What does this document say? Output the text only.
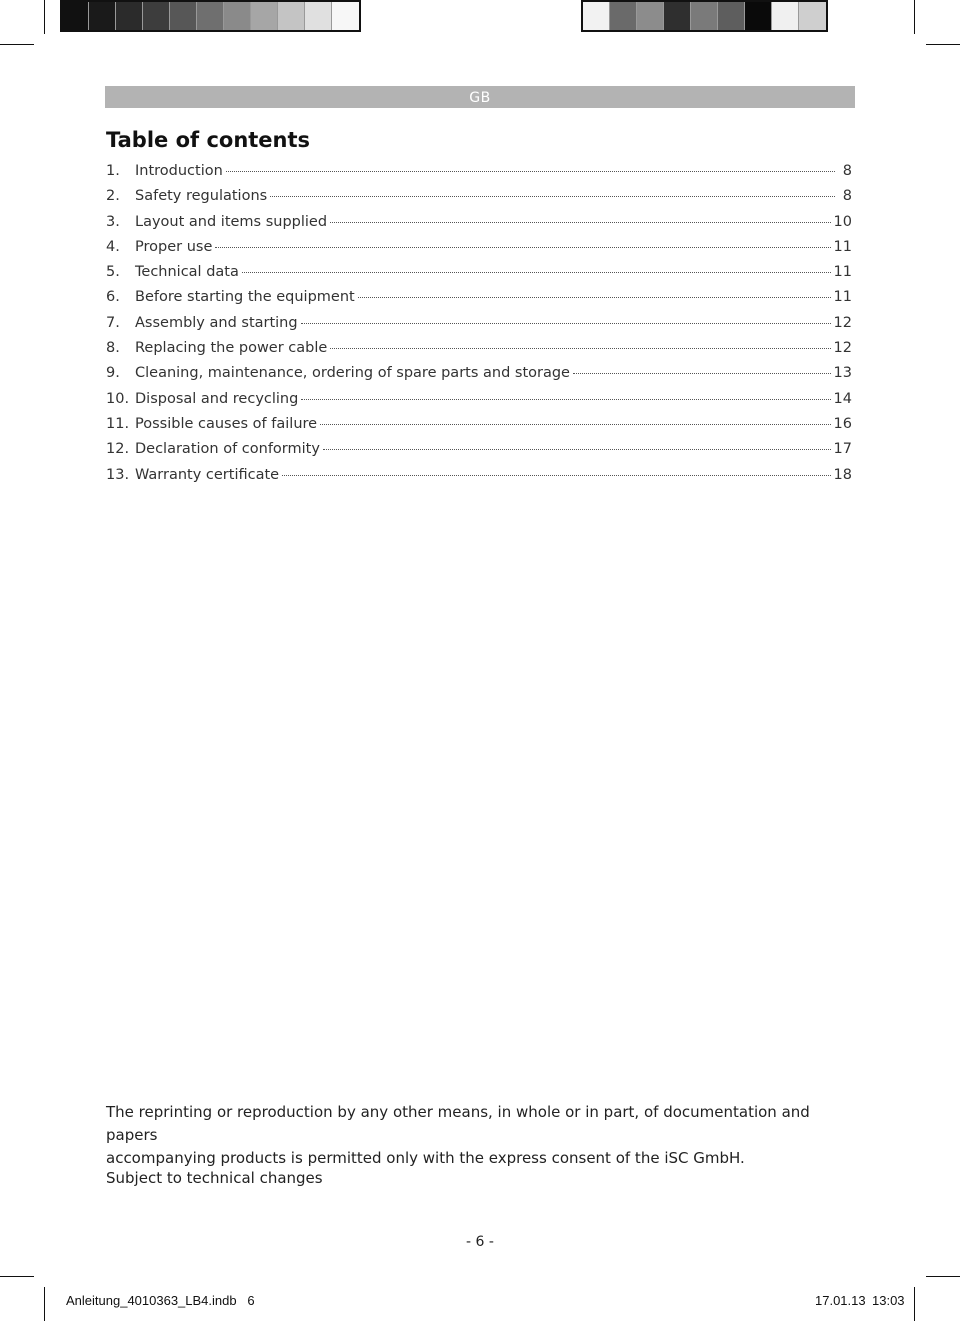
GB
Table of contents
1.	Introduction	8
2.	Safety regulations	8
3.	Layout and items supplied	10
4.	Proper use	11
5.	Technical data	11
6.	Before starting the equipment	11
7.	Assembly and starting	12
8.	Replacing the power cable	12
9.	Cleaning, maintenance, ordering of spare parts and storage	13
10. Disposal and recycling	14
11. Possible causes of failure	16
12. Declaration of conformity	17
13. Warranty certificate	18
The reprinting or reproduction by any other means, in whole or in part, of documentation and papers
accompanying products is permitted only with the express consent of the iSC GmbH.
Subject to technical changes
- 6 -
Anleitung_4010363_LB4.indb   6	17.01.13 13:03
